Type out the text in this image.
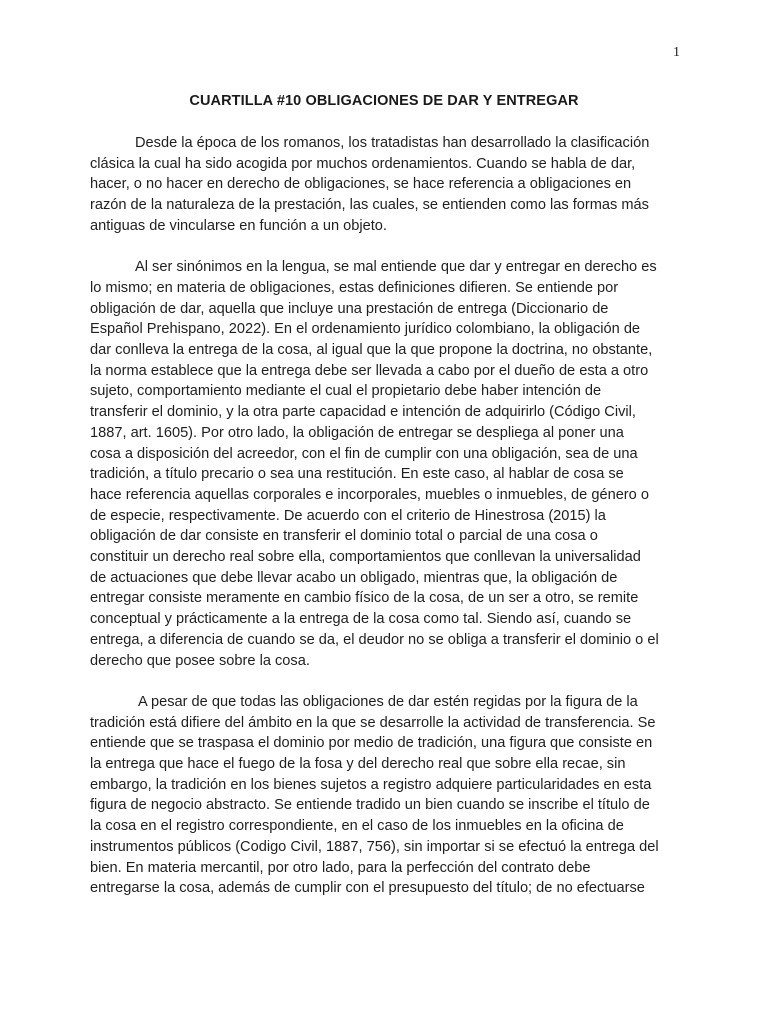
1
CUARTILLA #10 OBLIGACIONES DE DAR Y ENTREGAR

Desde la época de los romanos, los tratadistas han desarrollado la clasificación
clásica la cual ha sido acogida por muchos ordenamientos. Cuando se habla de dar,
hacer, o no hacer en derecho de obligaciones, se hace referencia a obligaciones en
razón de la naturaleza de la prestación, las cuales, se entienden como las formas más
antiguas de vincularse en función a un objeto.

Al ser sinónimos en la lengua, se mal entiende que dar y entregar en derecho es
lo mismo; en materia de obligaciones, estas definiciones difieren. Se entiende por
obligación de dar, aquella que incluye una prestación de entrega (Diccionario de
Español Prehispano, 2022). En el ordenamiento jurídico colombiano, la obligación de
dar conlleva la entrega de la cosa, al igual que la que propone la doctrina, no obstante,
la norma establece que la entrega debe ser llevada a cabo por el dueño de esta a otro
sujeto, comportamiento mediante el cual el propietario debe haber intención de
transferir el dominio, y la otra parte capacidad e intención de adquirirlo (Código Civil,
1887, art. 1605). Por otro lado, la obligación de entregar se despliega al poner una
cosa a disposición del acreedor, con el fin de cumplir con una obligación, sea de una
tradición, a título precario o sea una restitución. En este caso, al hablar de cosa se
hace referencia aquellas corporales e incorporales, muebles o inmuebles, de género o
de especie, respectivamente. De acuerdo con el criterio de Hinestrosa (2015) la
obligación de dar consiste en transferir el dominio total o parcial de una cosa o
constituir un derecho real sobre ella, comportamientos que conllevan la universalidad
de actuaciones que debe llevar acabo un obligado, mientras que, la obligación de
entregar consiste meramente en cambio físico de la cosa, de un ser a otro, se remite
conceptual y prácticamente a la entrega de la cosa como tal. Siendo así, cuando se
entrega, a diferencia de cuando se da, el deudor no se obliga a transferir el dominio o el
derecho que posee sobre la cosa.

A pesar de que todas las obligaciones de dar estén regidas por la figura de la
tradición está difiere del ámbito en la que se desarrolle la actividad de transferencia. Se
entiende que se traspasa el dominio por medio de tradición, una figura que consiste en
la entrega que hace el fuego de la fosa y del derecho real que sobre ella recae, sin
embargo, la tradición en los bienes sujetos a registro adquiere particularidades en esta
figura de negocio abstracto. Se entiende tradido un bien cuando se inscribe el título de
la cosa en el registro correspondiente, en el caso de los inmuebles en la oficina de
instrumentos públicos (Codigo Civil, 1887, 756), sin importar si se efectuó la entrega del
bien. En materia mercantil, por otro lado, para la perfección del contrato debe
entregarse la cosa, además de cumplir con el presupuesto del título; de no efectuarse
